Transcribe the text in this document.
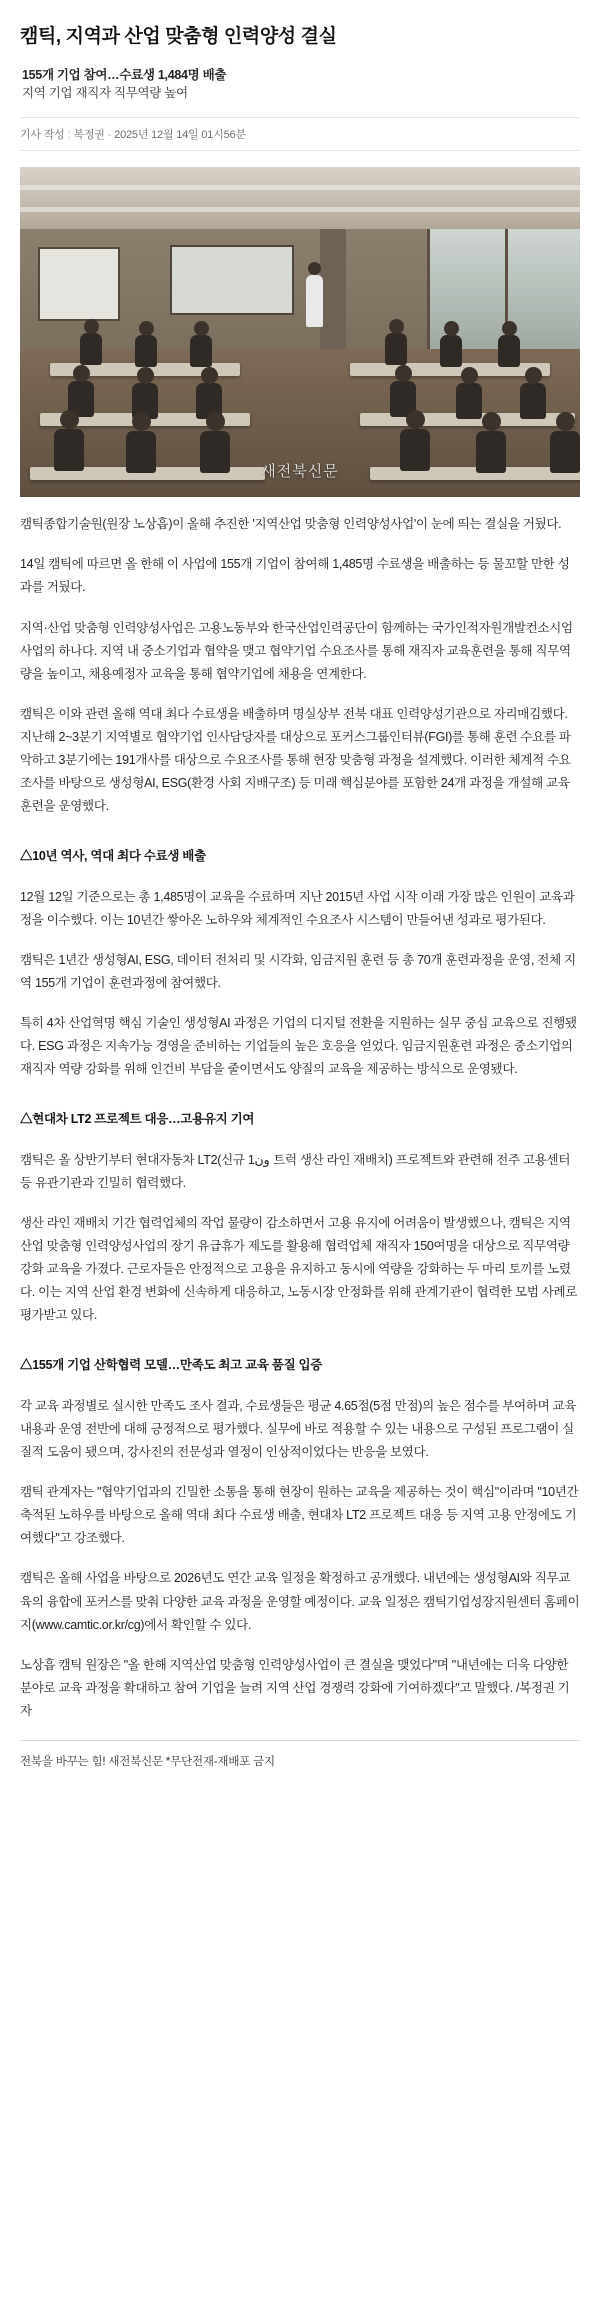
캠틱, 지역과 산업 맞춤형 인력양성 결실
155개 기업 참여…수료생 1,484명 배출
지역 기업 재직자 직무역량 높여
기사 작성 : 복정권 - 2025년 12월 14일 01시56분
새전북신문

캠틱종합기술원(원장 노상흡)이 올해 추진한 '지역산업 맞춤형 인력양성사업'이 눈에 띄는 결실을 거뒀다.

14일 캠틱에 따르면 올 한해 이 사업에 155개 기업이 참여해 1,485명 수료생을 배출하는 등 물꼬할 만한 성과를 거뒀다.

지역·산업 맞춤형 인력양성사업은 고용노동부와 한국산업인력공단이 함께하는 국가인적자원개발컨소시엄사업의 하나다. 지역 내 중소기업과 협약을 맺고 협약기업 수요조사를 통해 재직자 교육훈련을 통해 직무역량을 높이고, 채용예정자 교육을 통해 협약기업에 채용을 연계한다.

캠틱은 이와 관련 올해 역대 최다 수료생을 배출하며 명실상부 전북 대표 인력양성기관으로 자리매김했다. 지난해 2~3분기 지역별로 협약기업 인사담당자를 대상으로 포커스그룹인터뷰(FGI)를 통해 훈련 수요를 파악하고 3분기에는 191개사를 대상으로 수요조사를 통해 현장 맞춤형 과정을 설계했다. 이러한 체계적 수요조사를 바탕으로 생성형AI, ESG(환경 사회 지배구조) 등 미래 핵심분야를 포함한 24개 과정을 개설해 교육 훈련을 운영했다.

△10년 역사, 역대 최다 수료생 배출

12월 12일 기준으로는 총 1,485명이 교육을 수료하며 지난 2015년 사업 시작 이래 가장 많은 인원이 교육과정을 이수했다. 이는 10년간 쌓아온 노하우와 체계적인 수요조사 시스템이 만들어낸 성과로 평가된다.

캠틱은 1년간 생성형AI, ESG, 데이터 전처리 및 시각화, 임금지원 훈련 등 총 70개 훈련과정을 운영, 전체 지역 155개 기업이 훈련과정에 참여했다.

특히 4차 산업혁명 핵심 기술인 생성형AI 과정은 기업의 디지털 전환을 지원하는 실무 중심 교육으로 진행됐다. ESG 과정은 지속가능 경영을 준비하는 기업들의 높은 호응을 얻었다. 임금지원훈련 과정은 중소기업의 재직자 역량 강화를 위해 인건비 부담을 줄이면서도 양질의 교육을 제공하는 방식으로 운영됐다.

△현대차 LT2 프로젝트 대응…고용유지 기여

캠틱은 올 상반기부터 현대자동차 LT2(신규 1ون 트럭 생산 라인 재배치) 프로젝트와 관련해 전주 고용센터 등 유관기관과 긴밀히 협력했다.

생산 라인 재배치 기간 협력업체의 작업 물량이 감소하면서 고용 유지에 어려움이 발생했으나, 캠틱은 지역산업 맞춤형 인력양성사업의 장기 유급휴가 제도를 활용해 협력업체 재직자 150여명을 대상으로 직무역량 강화 교육을 가졌다. 근로자들은 안정적으로 고용을 유지하고 동시에 역량을 강화하는 두 마리 토끼를 노렸다. 이는 지역 산업 환경 변화에 신속하게 대응하고, 노동시장 안정화를 위해 관계기관이 협력한 모범 사례로 평가받고 있다.

△155개 기업 산학협력 모델…만족도 최고 교육 품질 입증

각 교육 과정별로 실시한 만족도 조사 결과, 수료생들은 평균 4.65점(5점 만점)의 높은 점수를 부여하며 교육 내용과 운영 전반에 대해 긍정적으로 평가했다. 실무에 바로 적용할 수 있는 내용으로 구성된 프로그램이 실질적 도움이 됐으며, 강사진의 전문성과 열정이 인상적이었다는 반응을 보였다.

캠틱 관계자는 "협약기업과의 긴밀한 소통을 통해 현장이 원하는 교육을 제공하는 것이 핵심"이라며 "10년간 축적된 노하우를 바탕으로 올해 역대 최다 수료생 배출, 현대차 LT2 프로젝트 대응 등 지역 고용 안정에도 기여했다"고 강조했다.

캠틱은 올해 사업을 바탕으로 2026년도 연간 교육 일정을 확정하고 공개했다. 내년에는 생성형AI와 직무교육의 융합에 포커스를 맞춰 다양한 교육 과정을 운영할 예정이다. 교육 일정은 캠틱기업성장지원센터 홈페이지(www.camtic.or.kr/cg)에서 확인할 수 있다.

노상흡 캠틱 원장은 "올 한해 지역산업 맞춤형 인력양성사업이 큰 결실을 맺었다"며 "내년에는 더욱 다양한 분야로 교육 과정을 확대하고 참여 기업을 늘려 지역 산업 경쟁력 강화에 기여하겠다"고 말했다. /복정권 기자

전북을 바꾸는 힘! 새전북신문 *무단전재-재배포 금지
